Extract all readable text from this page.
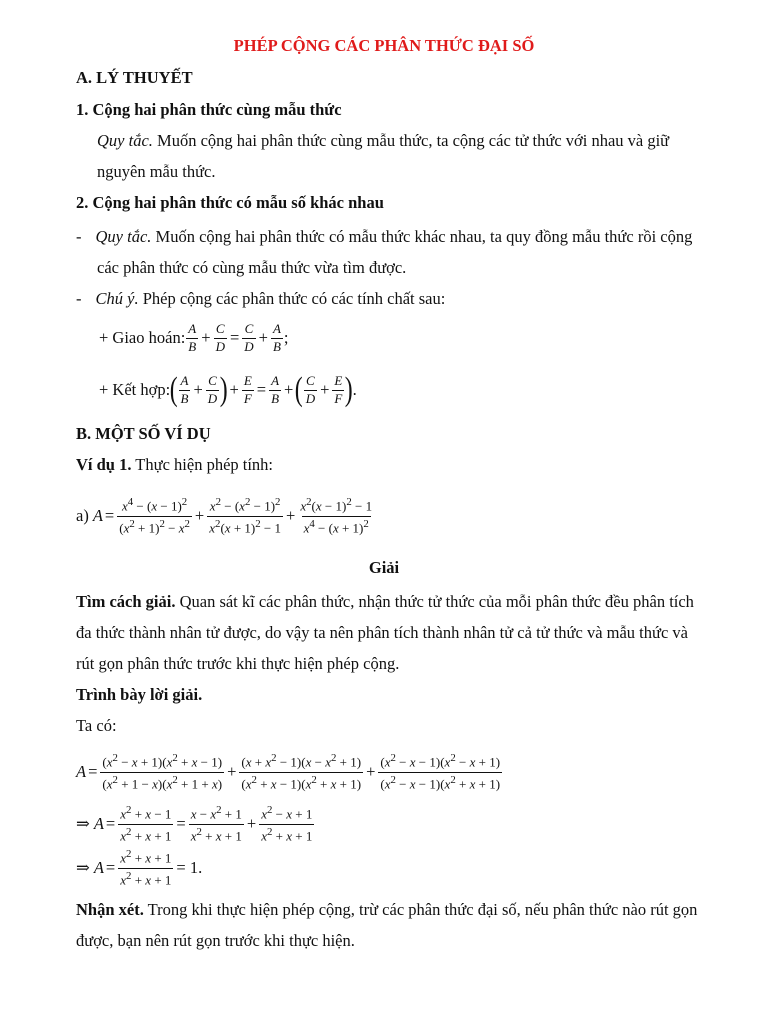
PHÉP CỘNG CÁC PHÂN THỨC ĐẠI SỐ
A. LÝ THUYẾT
1. Cộng hai phân thức cùng mẫu thức
Quy tắc. Muốn cộng hai phân thức cùng mẫu thức, ta cộng các tử thức với nhau và giữ
nguyên mẫu thức.
2. Cộng hai phân thức có mẫu số khác nhau
- Quy tắc. Muốn cộng hai phân thức có mẫu thức khác nhau, ta quy đồng mẫu thức rồi cộng
các phân thức có cùng mẫu thức vừa tìm được.
- Chú ý. Phép cộng các phân thức có các tính chất sau:
+ Giao hoán: $\frac{A}{B} + \frac{C}{D} = \frac{C}{D} + \frac{A}{B}$ ;
+ Kết hợp: ( $\frac{A}{B} + \frac{C}{D}$ ) + $\frac{E}{F} = \frac{A}{B}$ + ( $\frac{C}{D} + \frac{E}{F}$ ) .
B. MỘT SỐ VÍ DỤ
Ví dụ 1. Thực hiện phép tính:
a) $A = \frac{x^4 - (x - 1)^2}{(x^2 + 1)^2 - x^2} + \frac{x^2 - (x^2 - 1)^2}{x^2(x + 1)^2 - 1} + \frac{x^2(x - 1)^2 - 1}{x^4 - (x + 1)^2}$
Giải
Tìm cách giải. Quan sát kĩ các phân thức, nhận thức tử thức của mỗi phân thức đều phân tích
đa thức thành nhân tử được, do vậy ta nên phân tích thành nhân tử cả tử thức và mẫu thức và
rút gọn phân thức trước khi thực hiện phép cộng.
Trình bày lời giải.
Ta có:
$A = \frac{(x^2 - x + 1)(x^2 + x - 1)}{(x^2 + 1 - x)(x^2 + 1 + x)} + \frac{(x + x^2 - 1)(x - x^2 + 1)}{(x^2 + x - 1)(x^2 + x + 1)} + \frac{(x^2 - x - 1)(x^2 - x + 1)}{(x^2 - x - 1)(x^2 + x + 1)}$
⇒ $A = \frac{x^2 + x - 1}{x^2 + x + 1} = \frac{x - x^2 + 1}{x^2 + x + 1} + \frac{x^2 - x + 1}{x^2 + x + 1}$
⇒ $A = \frac{x^2 + x + 1}{x^2 + x + 1} = 1$.
Nhận xét. Trong khi thực hiện phép cộng, trừ các phân thức đại số, nếu phân thức nào rút gọn
được, bạn nên rút gọn trước khi thực hiện.
